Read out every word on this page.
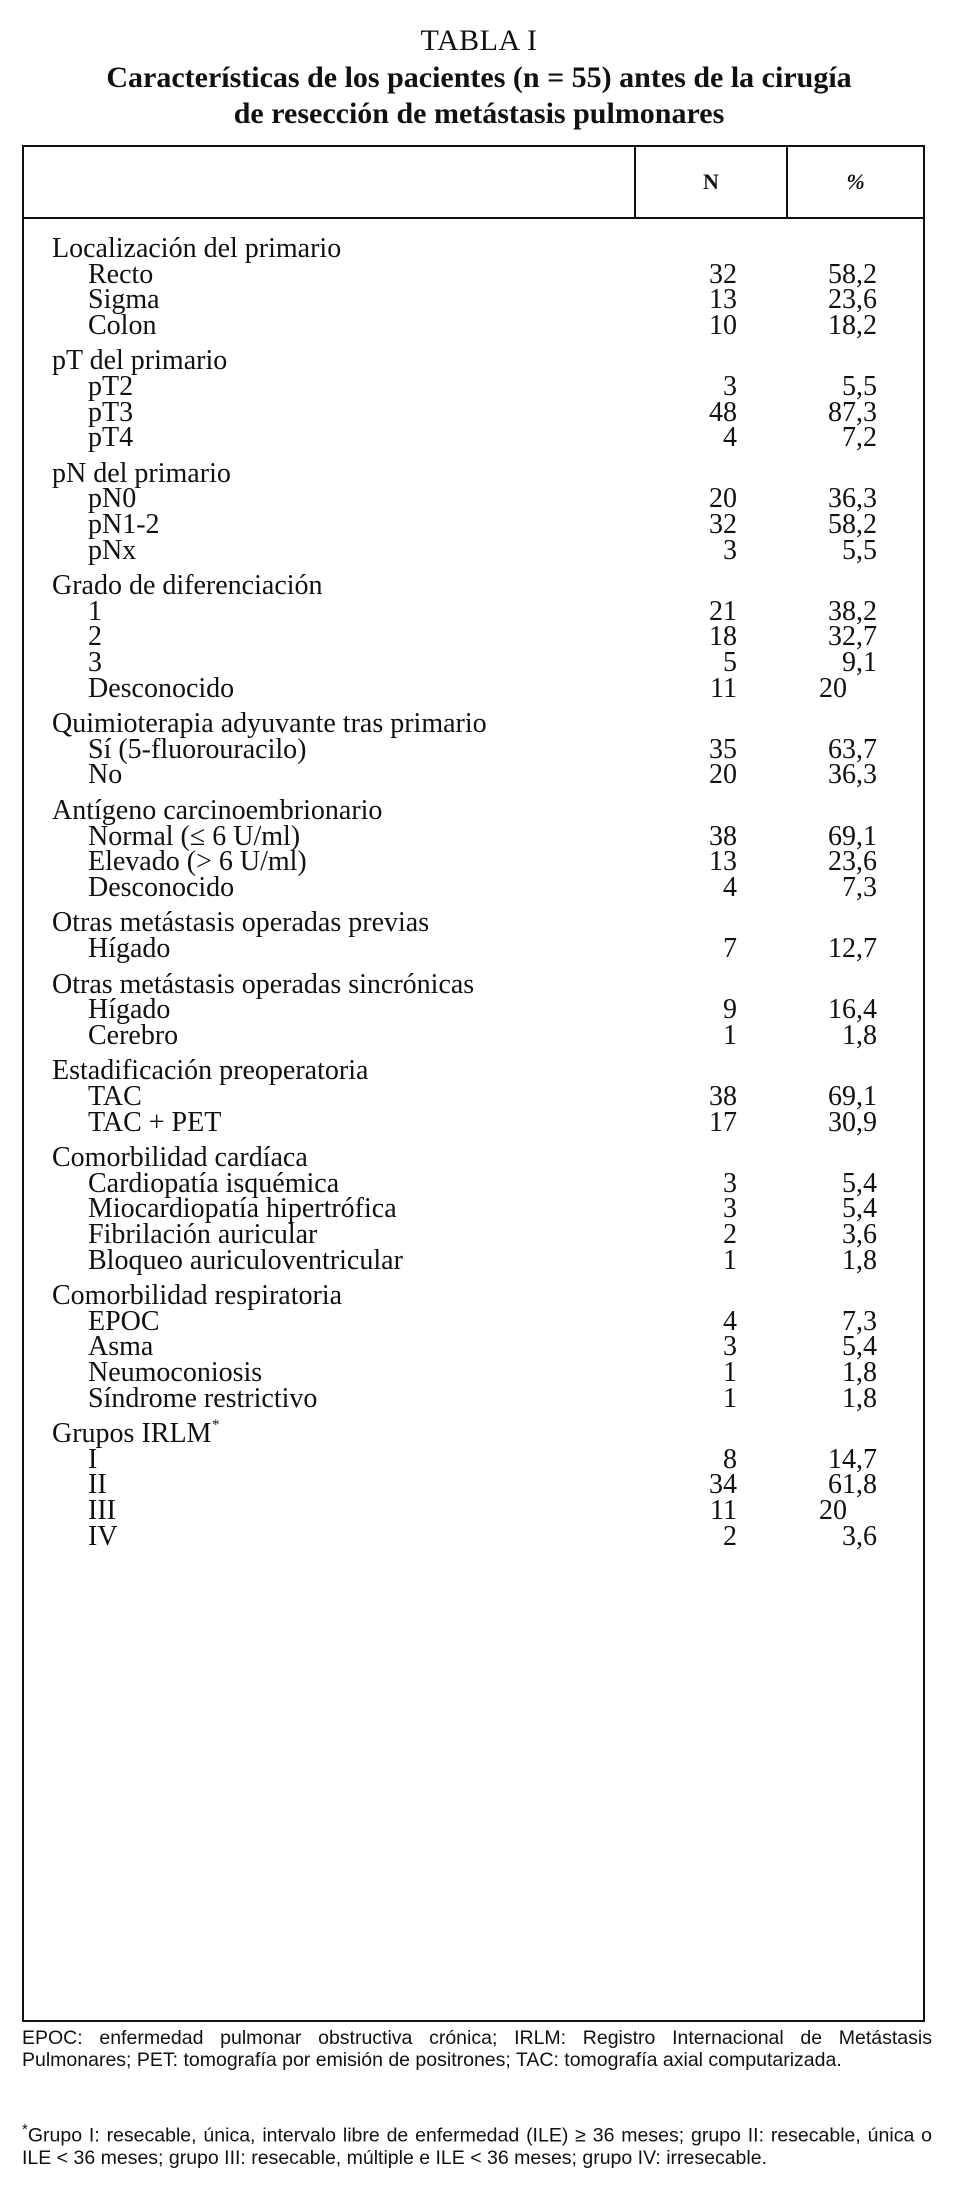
TABLA I
Características de los pacientes (n = 55) antes de la cirugía
de resección de metástasis pulmonares
N	%
Localización del primario
Recto	32	58,2
Sigma	13	23,6
Colon	10	18,2
pT del primario
pT2	3	5,5
pT3	48	87,3
pT4	4	7,2
pN del primario
pN0	20	36,3
pN1-2	32	58,2
pNx	3	5,5
Grado de diferenciación
1	21	38,2
2	18	32,7
3	5	9,1
Desconocido	11	20
Quimioterapia adyuvante tras primario
Sí (5-fluorouracilo)	35	63,7
No	20	36,3
Antígeno carcinoembrionario
Normal (≤ 6 U/ml)	38	69,1
Elevado (> 6 U/ml)	13	23,6
Desconocido	4	7,3
Otras metástasis operadas previas
Hígado	7	12,7
Otras metástasis operadas sincrónicas
Hígado	9	16,4
Cerebro	1	1,8
Estadificación preoperatoria
TAC	38	69,1
TAC + PET	17	30,9
Comorbilidad cardíaca
Cardiopatía isquémica	3	5,4
Miocardiopatía hipertrófica	3	5,4
Fibrilación auricular	2	3,6
Bloqueo auriculoventricular	1	1,8
Comorbilidad respiratoria
EPOC	4	7,3
Asma	3	5,4
Neumoconiosis	1	1,8
Síndrome restrictivo	1	1,8
Grupos IRLM *
I	8	14,7
II	34	61,8
III	11	20
IV	2	3,6
EPOC: enfermedad pulmonar obstructiva crónica; IRLM: Registro Internacional de Metástasis Pulmonares; PET: tomografía por emisión de positrones; TAC: tomografía axial computarizada.
*Grupo I: resecable, única, intervalo libre de enfermedad (ILE) ≥ 36 meses; grupo II: resecable, única o ILE < 36 meses; grupo III: resecable, múltiple e ILE < 36 meses; grupo IV: irresecable.
